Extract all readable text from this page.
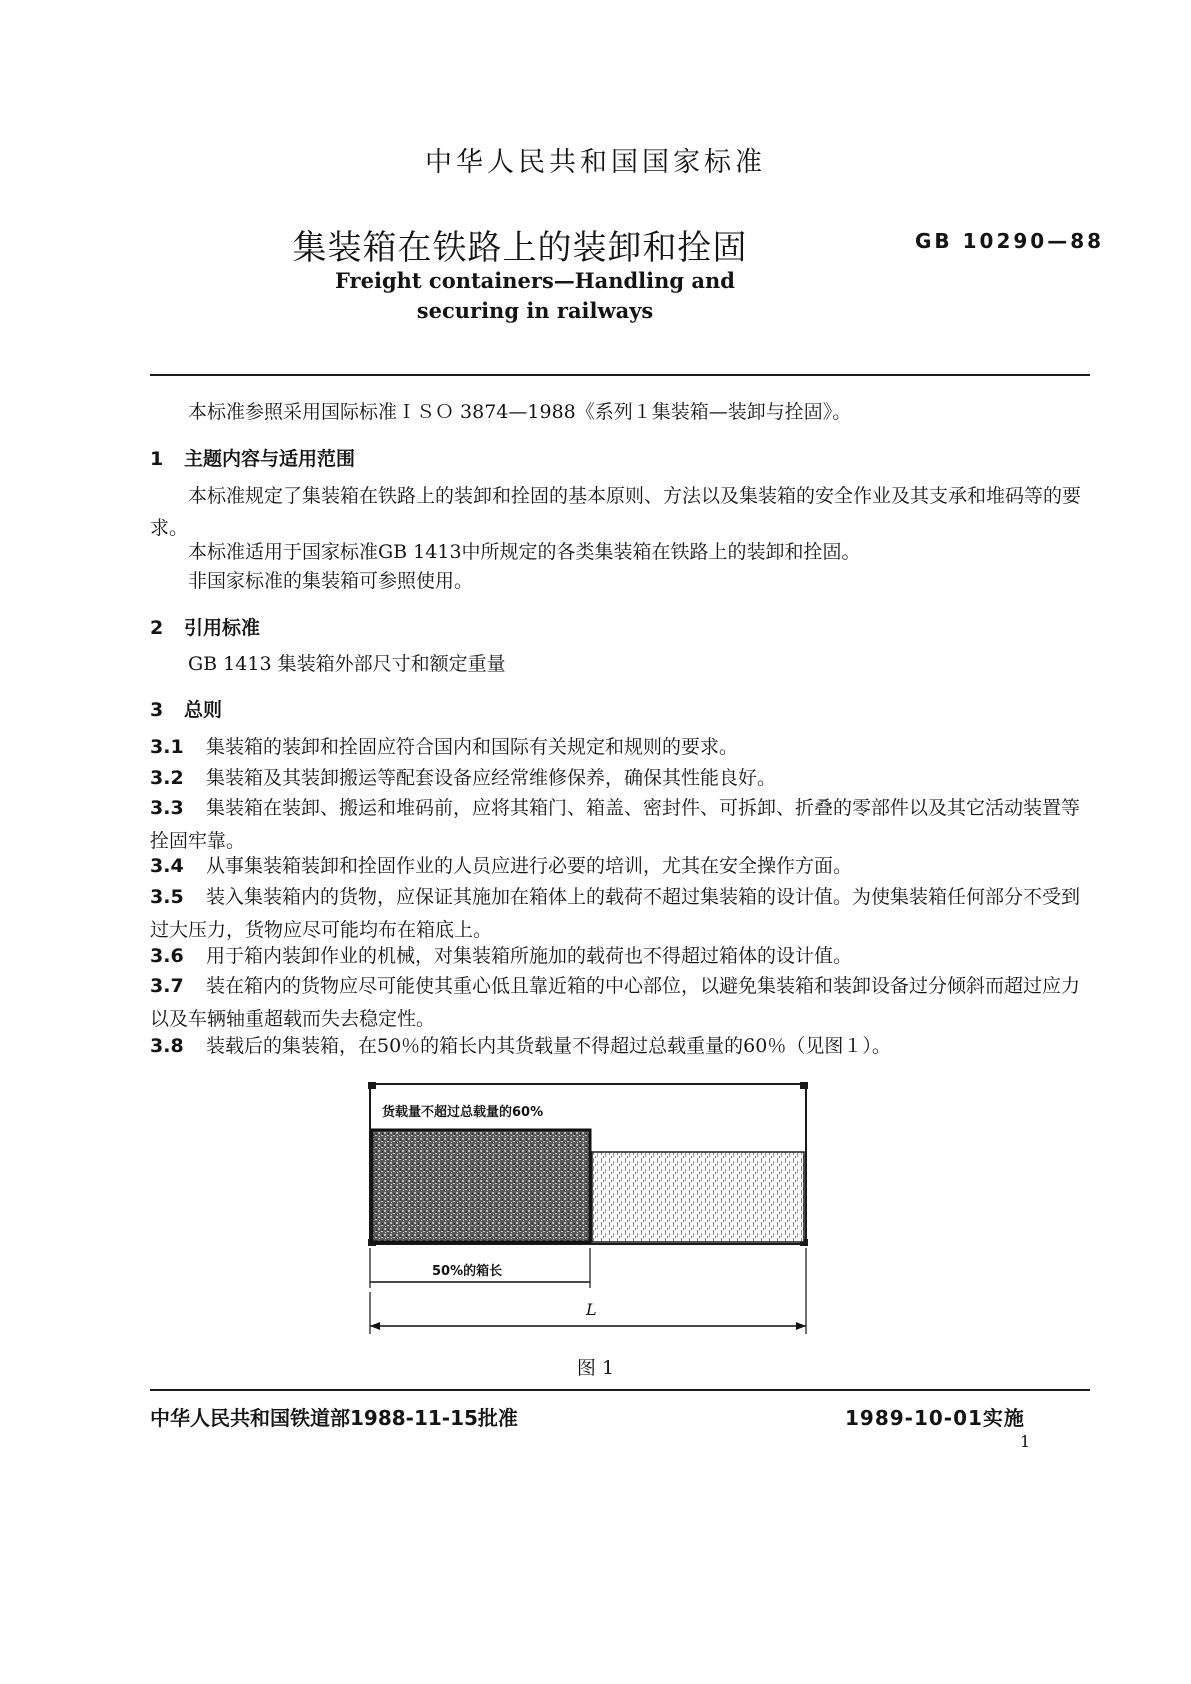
中华人民共和国国家标准
集装箱在铁路上的装卸和拴固	GB 10290—88
Freight containers—Handling and
securing in railways
本标准参照采用国际标准ＩＳＯ 3874—1988《系列１集装箱—装卸与拴固》。
1 主题内容与适用范围
本标准规定了集装箱在铁路上的装卸和拴固的基本原则、方法以及集装箱的安全作业及其支承和堆码等的要求。
本标准适用于国家标准GB 1413中所规定的各类集装箱在铁路上的装卸和拴固。
非国家标准的集装箱可参照使用。
2 引用标准
GB 1413 集装箱外部尺寸和额定重量
3 总则
3.1 集装箱的装卸和拴固应符合国内和国际有关规定和规则的要求。
3.2 集装箱及其装卸搬运等配套设备应经常维修保养，确保其性能良好。
3.3 集装箱在装卸、搬运和堆码前，应将其箱门、箱盖、密封件、可拆卸、折叠的零部件以及其它活动装置等拴固牢靠。
3.4 从事集装箱装卸和拴固作业的人员应进行必要的培训，尤其在安全操作方面。
3.5 装入集装箱内的货物，应保证其施加在箱体上的载荷不超过集装箱的设计值。为使集装箱任何部分不受到过大压力，货物应尽可能均布在箱底上。
3.6 用于箱内装卸作业的机械，对集装箱所施加的载荷也不得超过箱体的设计值。
3.7 装在箱内的货物应尽可能使其重心低且靠近箱的中心部位，以避免集装箱和装卸设备过分倾斜而超过应力以及车辆轴重超载而失去稳定性。
3.8 装载后的集装箱，在50％的箱长内其货载量不得超过总载重量的60％（见图１）。
货载量不超过总载量的60%
50%的箱长
L
图 1
中华人民共和国铁道部1988-11-15批准	1989-10-01实施
1
